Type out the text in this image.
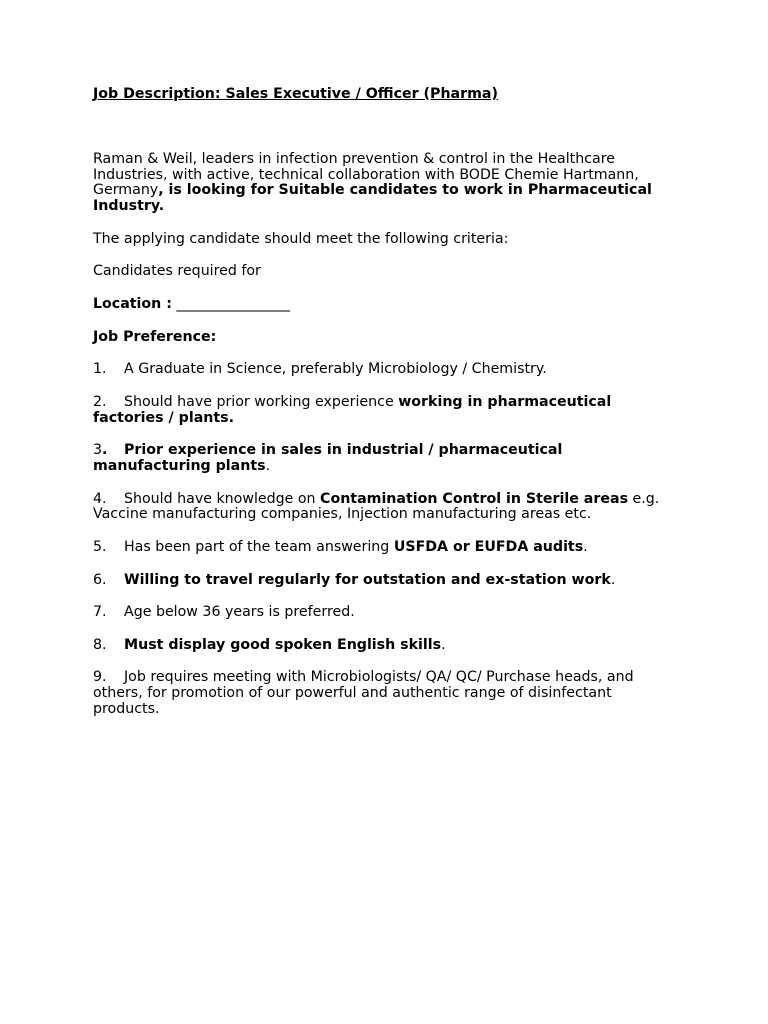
Job Description: Sales Executive / Officer (Pharma)

Raman & Weil, leaders in infection prevention & control in the Healthcare Industries, with active, technical collaboration with BODE Chemie Hartmann, Germany, is looking for Suitable candidates to work in Pharmaceutical Industry.

The applying candidate should meet the following criteria:

Candidates required for

Location : ________________

Job Preference:

1. A Graduate in Science, preferably Microbiology / Chemistry.

2. Should have prior working experience working in pharmaceutical factories / plants.

3. Prior experience in sales in industrial / pharmaceutical manufacturing plants.

4. Should have knowledge on Contamination Control in Sterile areas e.g. Vaccine manufacturing companies, Injection manufacturing areas etc.

5. Has been part of the team answering USFDA or EUFDA audits.

6. Willing to travel regularly for outstation and ex-station work.

7. Age below 36 years is preferred.

8. Must display good spoken English skills.

9. Job requires meeting with Microbiologists/ QA/ QC/ Purchase heads, and others, for promotion of our powerful and authentic range of disinfectant products.
